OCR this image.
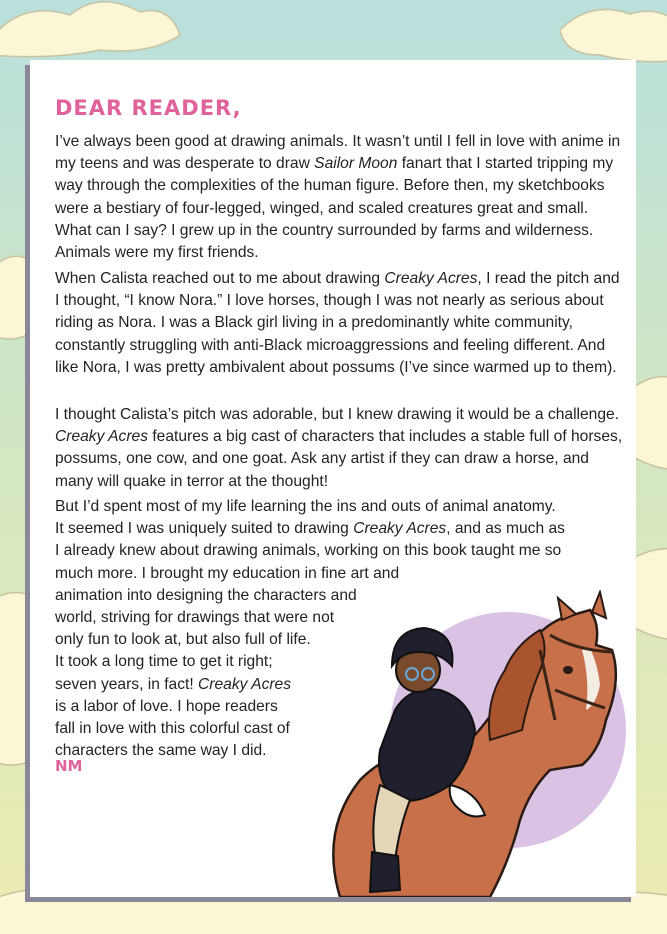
DEAR READER,

I’ve always been good at drawing animals. It wasn’t until I fell in love with anime in my teens and was desperate to draw Sailor Moon fanart that I started tripping my way through the complexities of the human figure. Before then, my sketchbooks were a bestiary of four-legged, winged, and scaled creatures great and small. What can I say? I grew up in the country surrounded by farms and wilderness. Animals were my first friends.

When Calista reached out to me about drawing Creaky Acres, I read the pitch and I thought, “I know Nora.” I love horses, though I was not nearly as serious about riding as Nora. I was a Black girl living in a predominantly white community, constantly struggling with anti-Black microaggressions and feeling different. And like Nora, I was pretty ambivalent about possums (I’ve since warmed up to them).

I thought Calista’s pitch was adorable, but I knew drawing it would be a challenge. Creaky Acres features a big cast of characters that includes a stable full of horses, possums, one cow, and one goat. Ask any artist if they can draw a horse, and many will quake in terror at the thought!

But I’d spent most of my life learning the ins and outs of animal anatomy.
It seemed I was uniquely suited to drawing Creaky Acres, and as much as
I already knew about drawing animals, working on this book taught me so
much more. I brought my education in fine art and
animation into designing the characters and
world, striving for drawings that were not
only fun to look at, but also full of life.
It took a long time to get it right;
seven years, in fact! Creaky Acres
is a labor of love. I hope readers
fall in love with this colorful cast of
characters the same way I did.

NM
